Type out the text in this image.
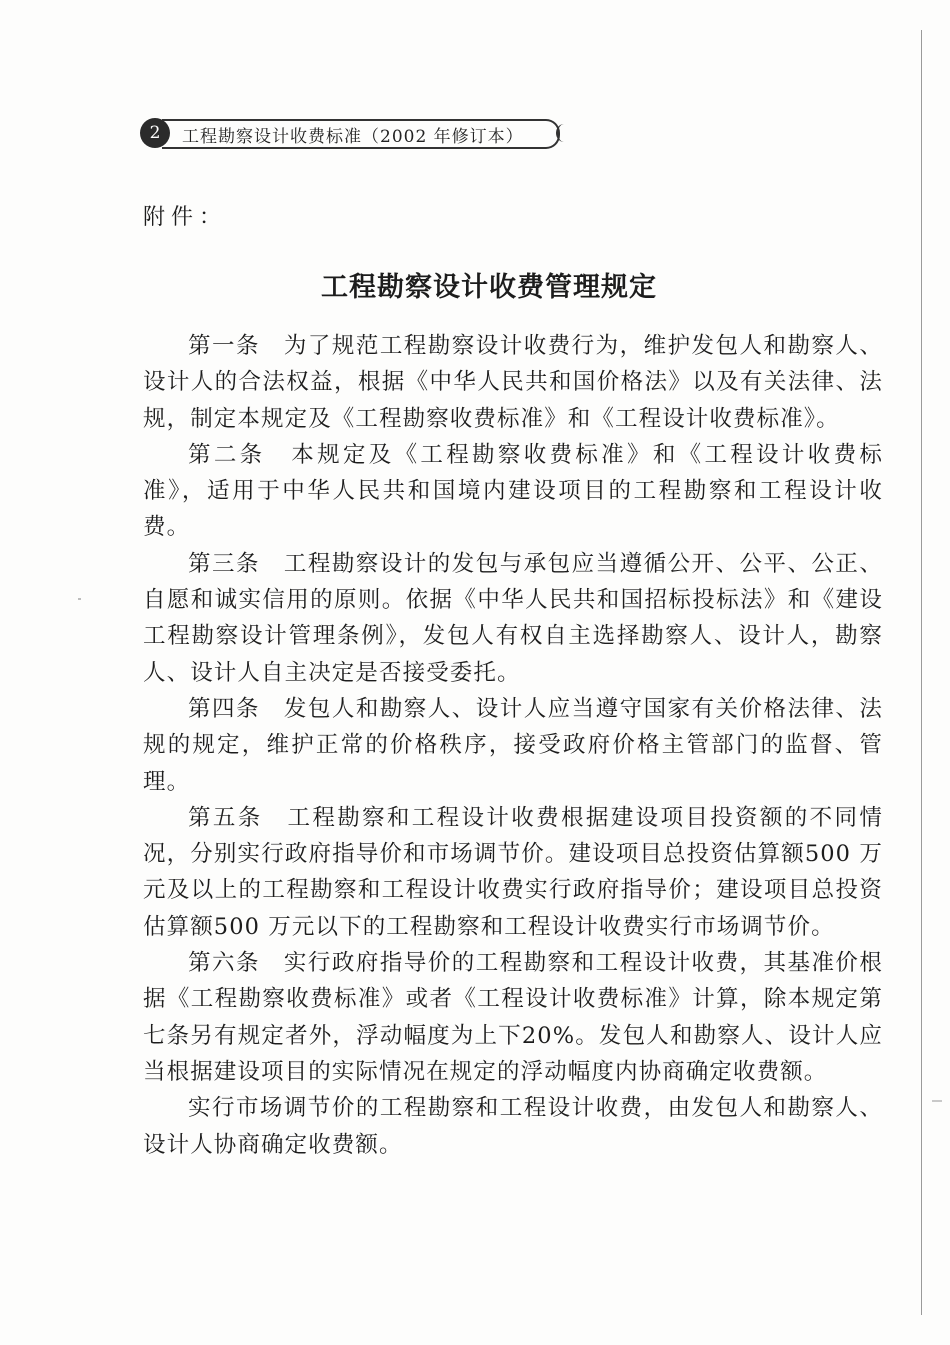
2	工程勘察设计收费标准（2002 年修订本）
附件：
工程勘察设计收费管理规定

第一条　为了规范工程勘察设计收费行为，维护发包人和勘察人、设计人的合法权益，根据《中华人民共和国价格法》以及有关法律、法规，制定本规定及《工程勘察收费标准》和《工程设计收费标准》。

第二条　本规定及《工程勘察收费标准》和《工程设计收费标准》，适用于中华人民共和国境内建设项目的工程勘察和工程设计收费。

第三条　工程勘察设计的发包与承包应当遵循公开、公平、公正、自愿和诚实信用的原则。依据《中华人民共和国招标投标法》和《建设工程勘察设计管理条例》，发包人有权自主选择勘察人、设计人，勘察人、设计人自主决定是否接受委托。

第四条　发包人和勘察人、设计人应当遵守国家有关价格法律、法规的规定，维护正常的价格秩序，接受政府价格主管部门的监督、管理。

第五条　工程勘察和工程设计收费根据建设项目投资额的不同情况，分别实行政府指导价和市场调节价。建设项目总投资估算额500 万元及以上的工程勘察和工程设计收费实行政府指导价；建设项目总投资估算额500 万元以下的工程勘察和工程设计收费实行市场调节价。

第六条　实行政府指导价的工程勘察和工程设计收费，其基准价根据《工程勘察收费标准》或者《工程设计收费标准》计算，除本规定第七条另有规定者外，浮动幅度为上下20%。发包人和勘察人、设计人应当根据建设项目的实际情况在规定的浮动幅度内协商确定收费额。

实行市场调节价的工程勘察和工程设计收费，由发包人和勘察人、设计人协商确定收费额。
